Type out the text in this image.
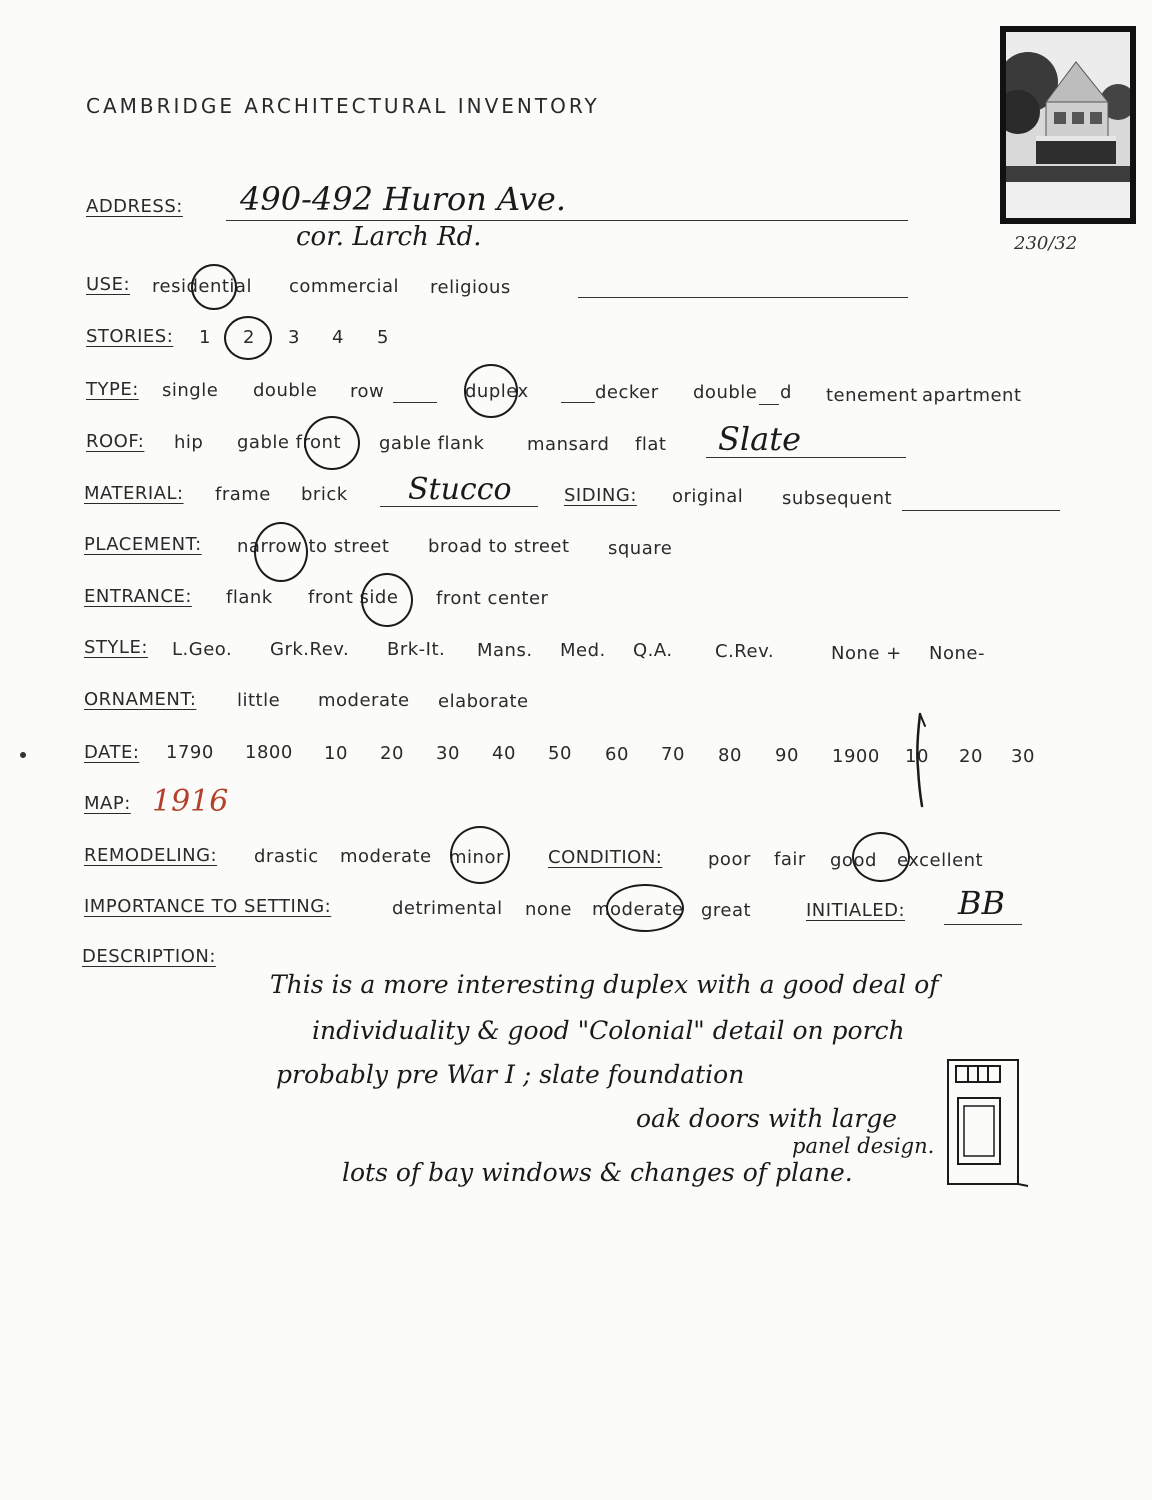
CAMBRIDGE ARCHITECTURAL INVENTORY
230/32
ADDRESS: 490-492 Huron Ave.
cor. Larch Rd.
USE: residential commercial religious
STORIES: 1 2 3 4 5
TYPE: single double row	duplex	decker double d tenement apartment
ROOF: hip gable front gable flank mansard flat Slate
MATERIAL: frame brick Stucco	SIDING: original subsequent
PLACEMENT: narrow to street broad to street square
ENTRANCE: flank front side front center
STYLE: L.Geo. Grk.Rev. Brk-It. Mans. Med. Q.A. C.Rev.	None + None-
ORNAMENT: little moderate elaborate
DATE: 1790 1800 10 20 30 40 50 60 70 80 90 1900 10 20 30
MAP: 1916
REMODELING: drastic moderate minor CONDITION:	poor fair good excellent
IMPORTANCE TO SETTING:	detrimental none moderate great	INITIALED: BB
DESCRIPTION:
This is a more interesting duplex with a good deal of
individuality & good "Colonial" detail on porch
probably pre War I ; slate foundation
oak doors with large
panel design.
lots of bay windows & changes of plane.
